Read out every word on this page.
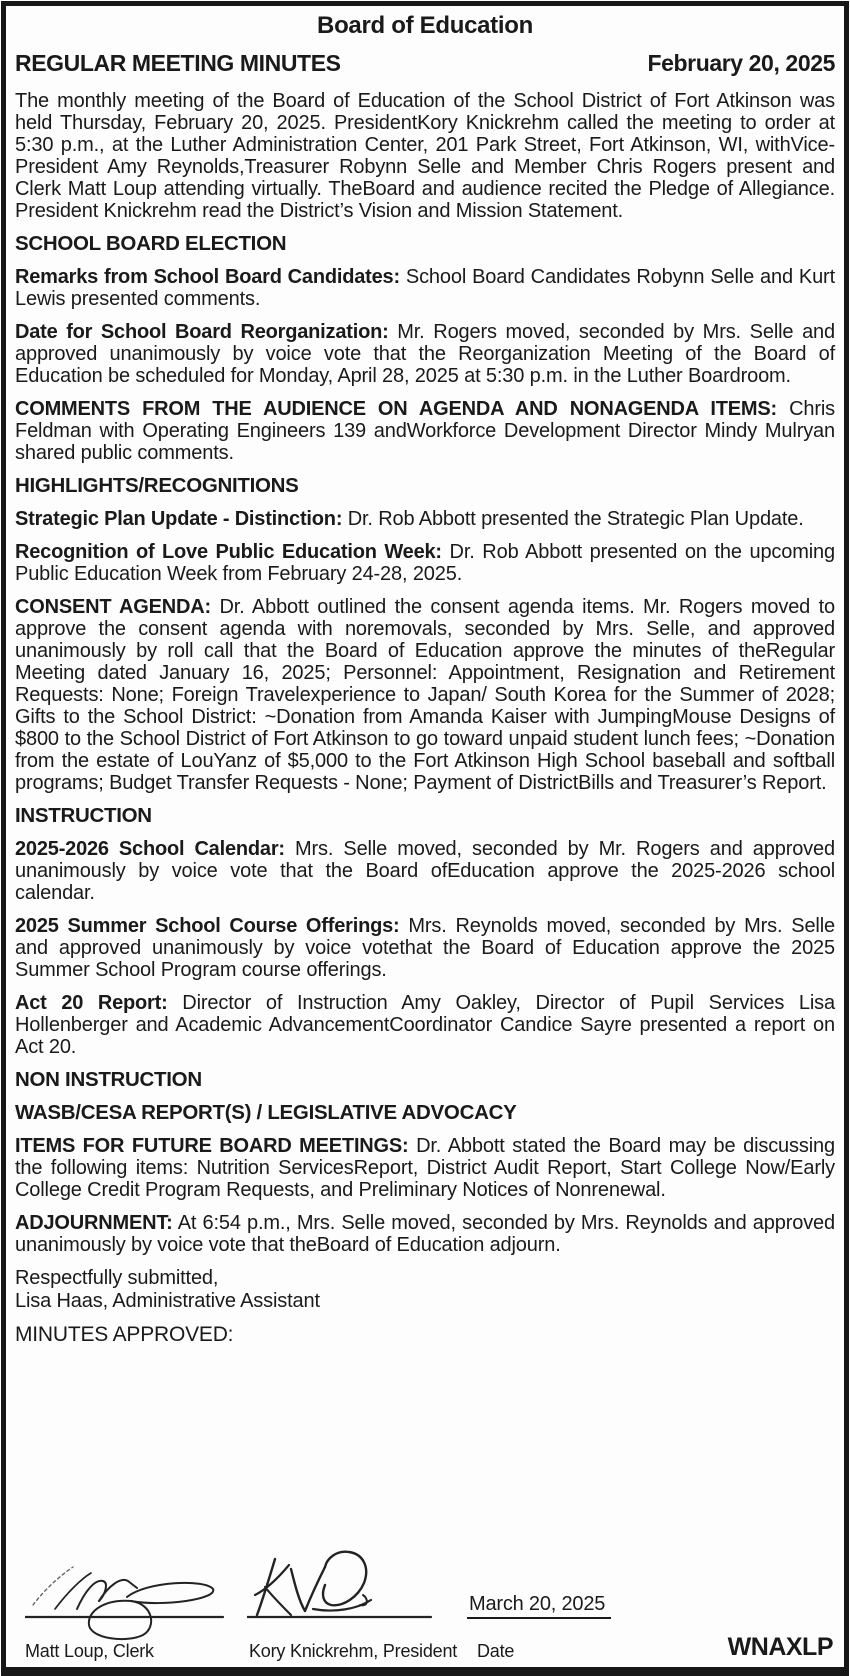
Board of Education
REGULAR MEETING MINUTES	February 20, 2025

The monthly meeting of the Board of Education of the School District of Fort Atkinson was held Thursday, February 20, 2025. PresidentKory Knickrehm called the meeting to order at 5:30 p.m., at the Luther Administration Center, 201 Park Street, Fort Atkinson, WI, withVice-President Amy Reynolds,Treasurer Robynn Selle and Member Chris Rogers present and Clerk Matt Loup attending virtually. TheBoard and audience recited the Pledge of Allegiance. President Knickrehm read the District’s Vision and Mission Statement.

SCHOOL BOARD ELECTION

Remarks from School Board Candidates: School Board Candidates Robynn Selle and Kurt Lewis presented comments.

Date for School Board Reorganization: Mr. Rogers moved, seconded by Mrs. Selle and approved unanimously by voice vote that the Reorganization Meeting of the Board of Education be scheduled for Monday, April 28, 2025 at 5:30 p.m. in the Luther Boardroom.

COMMENTS FROM THE AUDIENCE ON AGENDA AND NONAGENDA ITEMS: Chris Feldman with Operating Engineers 139 andWorkforce Development Director Mindy Mulryan shared public comments.

HIGHLIGHTS/RECOGNITIONS

Strategic Plan Update - Distinction: Dr. Rob Abbott presented the Strategic Plan Update.

Recognition of Love Public Education Week: Dr. Rob Abbott presented on the upcoming Public Education Week from February 24-28, 2025.

CONSENT AGENDA: Dr. Abbott outlined the consent agenda items. Mr. Rogers moved to approve the consent agenda with noremovals, seconded by Mrs. Selle, and approved unanimously by roll call that the Board of Education approve the minutes of theRegular Meeting dated January 16, 2025; Personnel: Appointment, Resignation and Retirement Requests: None; Foreign Travelexperience to Japan/ South Korea for the Summer of 2028; Gifts to the School District: ~Donation from Amanda Kaiser with JumpingMouse Designs of $800 to the School District of Fort Atkinson to go toward unpaid student lunch fees; ~Donation from the estate of LouYanz of $5,000 to the Fort Atkinson High School baseball and softball programs; Budget Transfer Requests - None; Payment of DistrictBills and Treasurer’s Report.

INSTRUCTION

2025-2026 School Calendar: Mrs. Selle moved, seconded by Mr. Rogers and approved unanimously by voice vote that the Board ofEducation approve the 2025-2026 school calendar.

2025 Summer School Course Offerings: Mrs. Reynolds moved, seconded by Mrs. Selle and approved unanimously by voice votethat the Board of Education approve the 2025 Summer School Program course offerings.

Act 20 Report: Director of Instruction Amy Oakley, Director of Pupil Services Lisa Hollenberger and Academic AdvancementCoordinator Candice Sayre presented a report on Act 20.

NON INSTRUCTION
WASB/CESA REPORT(S) / LEGISLATIVE ADVOCACY

ITEMS FOR FUTURE BOARD MEETINGS: Dr. Abbott stated the Board may be discussing the following items: Nutrition ServicesReport, District Audit Report, Start College Now/Early College Credit Program Requests, and Preliminary Notices of Nonrenewal.

ADJOURNMENT: At 6:54 p.m., Mrs. Selle moved, seconded by Mrs. Reynolds and approved unanimously by voice vote that theBoard of Education adjourn.

Respectfully submitted,
Lisa Haas, Administrative Assistant
MINUTES APPROVED:
March 20, 2025
Matt Loup, Clerk	Kory Knickrehm, President Date	WNAXLP
